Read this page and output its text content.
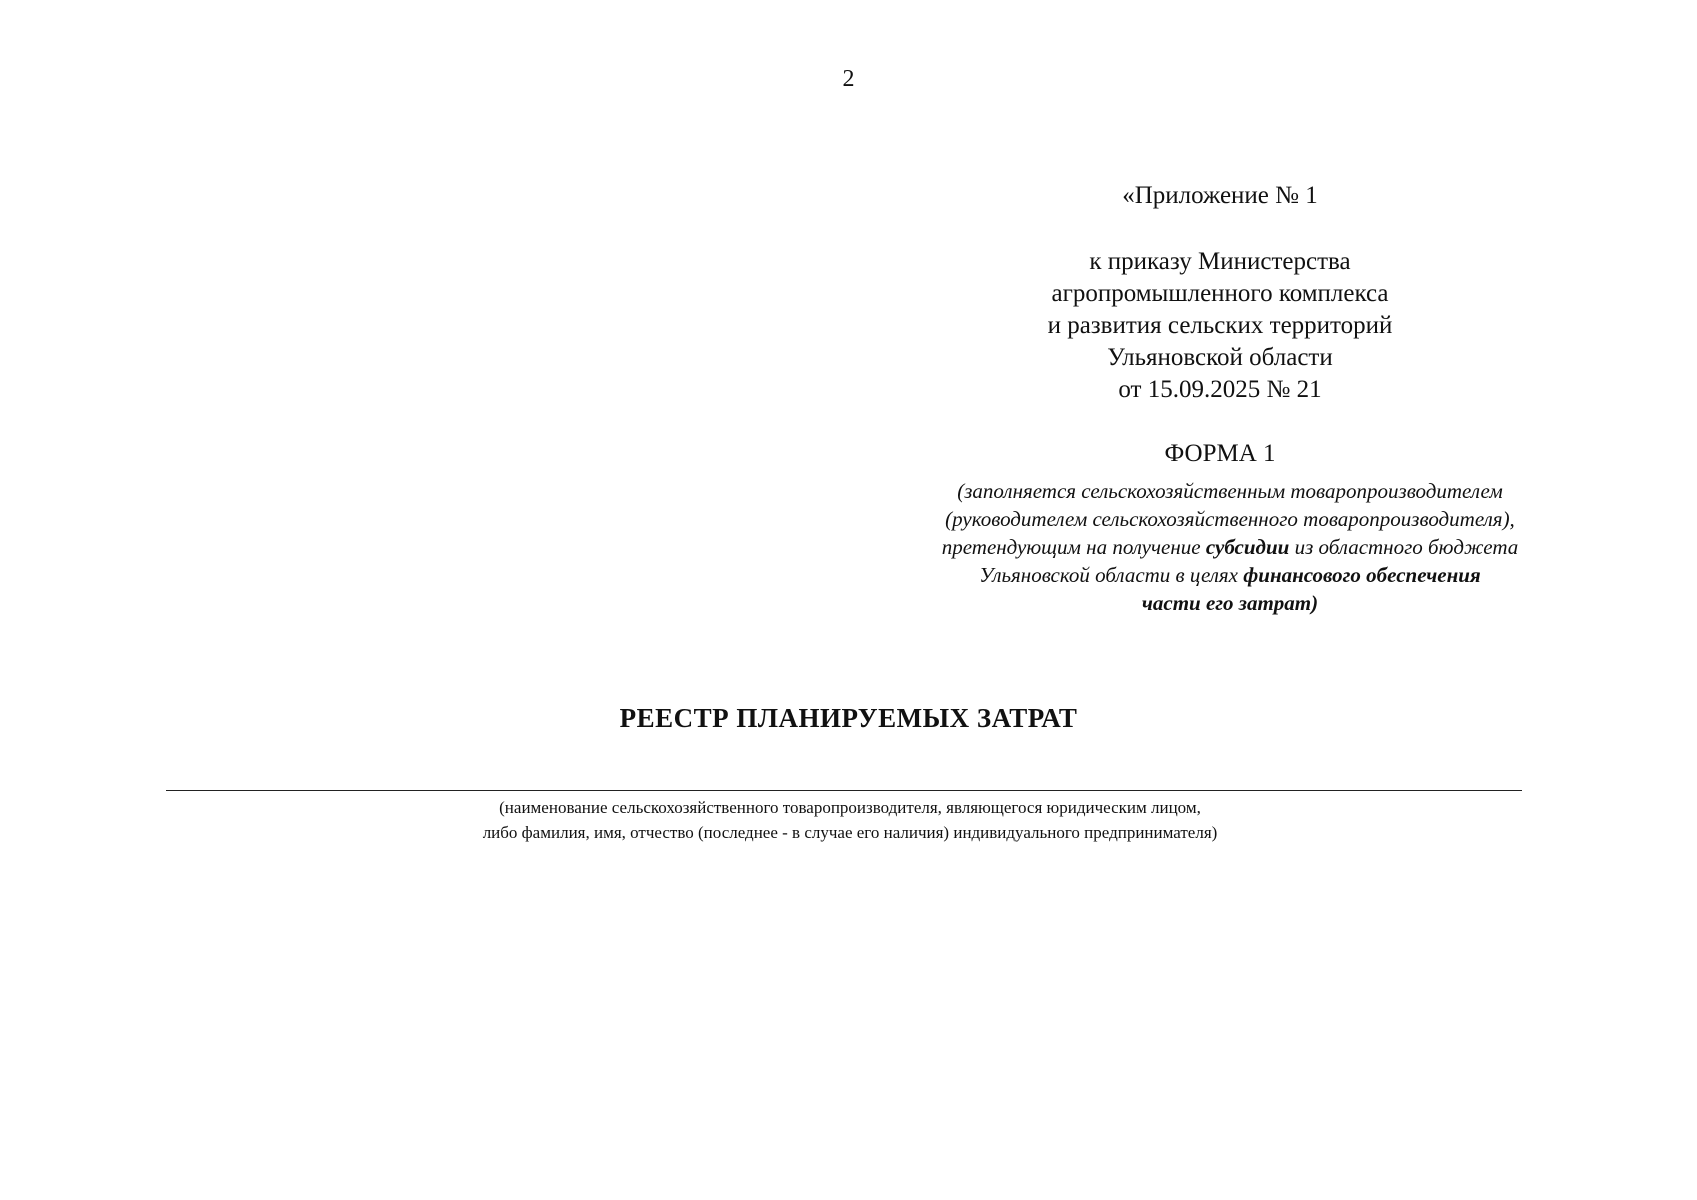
2
«Приложение № 1
к приказу Министерства
агропромышленного комплекса
и развития сельских территорий
Ульяновской области
от 15.09.2025 № 21
ФОРМА 1
(заполняется сельскохозяйственным товаропроизводителем
(руководителем сельскохозяйственного товаропроизводителя),
претендующим на получение субсидии из областного бюджета
Ульяновской области в целях финансового обеспечения
части его затрат)
РЕЕСТР ПЛАНИРУЕМЫХ ЗАТРАТ
(наименование сельскохозяйственного товаропроизводителя, являющегося юридическим лицом,
либо фамилия, имя, отчество (последнее - в случае его наличия) индивидуального предпринимателя)
